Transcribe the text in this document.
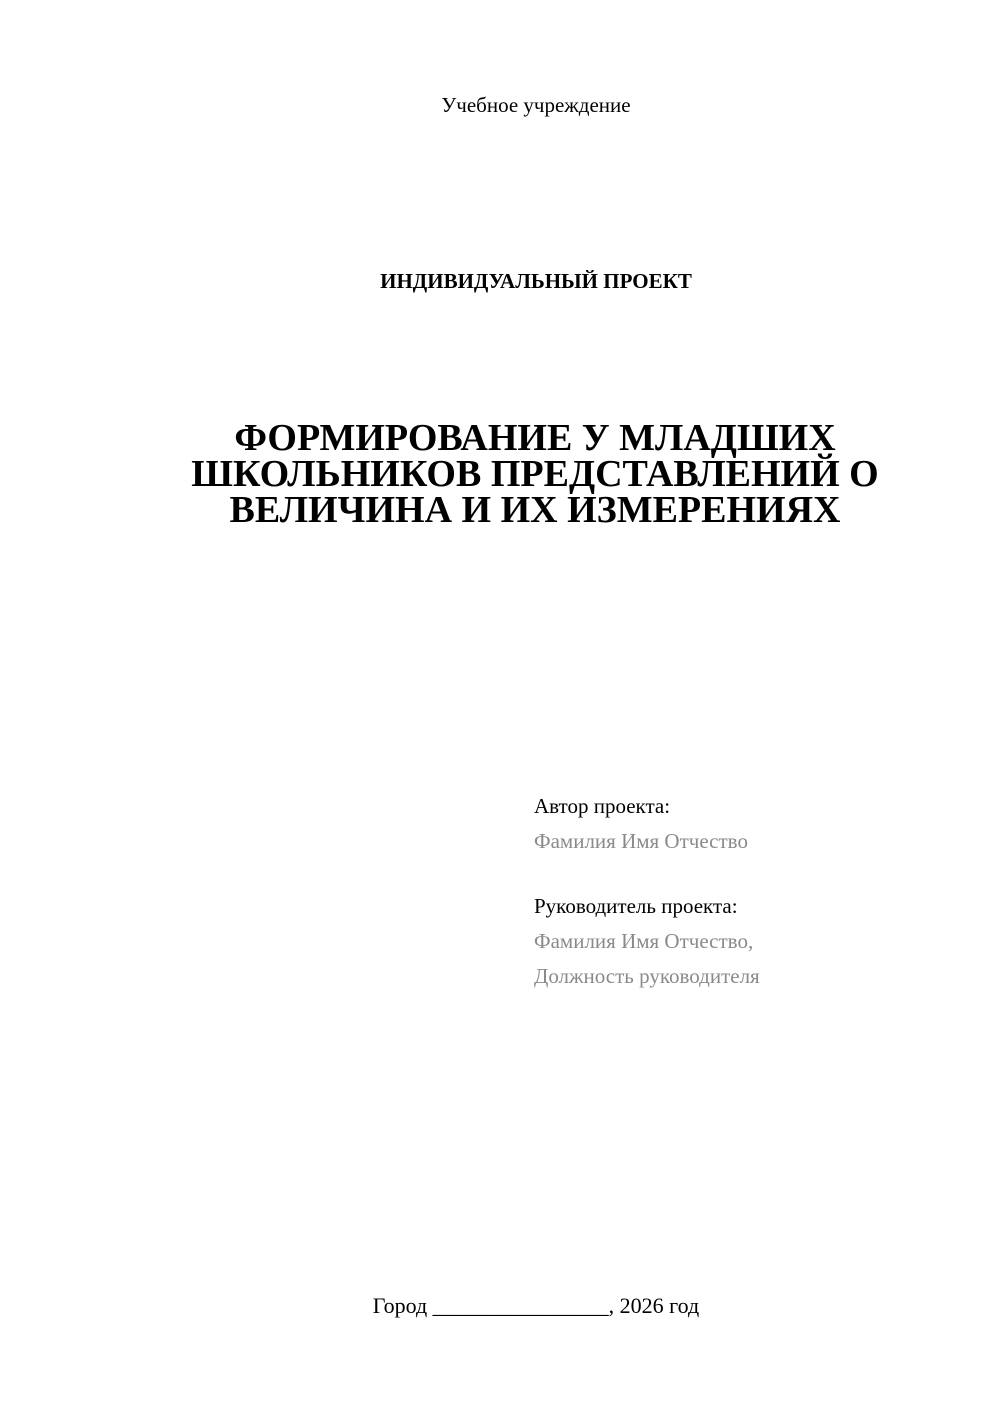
Учебное учреждение
ИНДИВИДУАЛЬНЫЙ ПРОЕКТ
ФОРМИРОВАНИЕ У МЛАДШИХ
ШКОЛЬНИКОВ ПРЕДСТАВЛЕНИЙ О
ВЕЛИЧИНА И ИХ ИЗМЕРЕНИЯХ
Автор проекта:
Фамилия Имя Отчество
Руководитель проекта:
Фамилия Имя Отчество,
Должность руководителя
Город ________________, 2026 год
